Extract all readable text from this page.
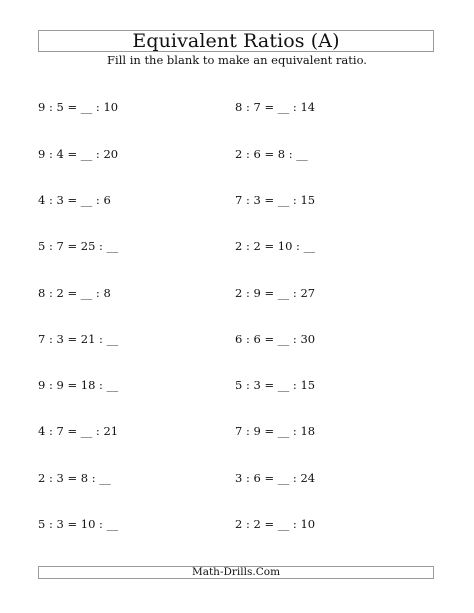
Equivalent Ratios (A)
Fill in the blank to make an equivalent ratio.
9 : 5 = __ : 10	8 : 7 = __ : 14
9 : 4 = __ : 20	2 : 6 = 8 : __
4 : 3 = __ : 6	7 : 3 = __ : 15
5 : 7 = 25 : __	2 : 2 = 10 : __
8 : 2 = __ : 8	2 : 9 = __ : 27
7 : 3 = 21 : __	6 : 6 = __ : 30
9 : 9 = 18 : __	5 : 3 = __ : 15
4 : 7 = __ : 21	7 : 9 = __ : 18
2 : 3 = 8 : __	3 : 6 = __ : 24
5 : 3 = 10 : __	2 : 2 = __ : 10
Math-Drills.Com
